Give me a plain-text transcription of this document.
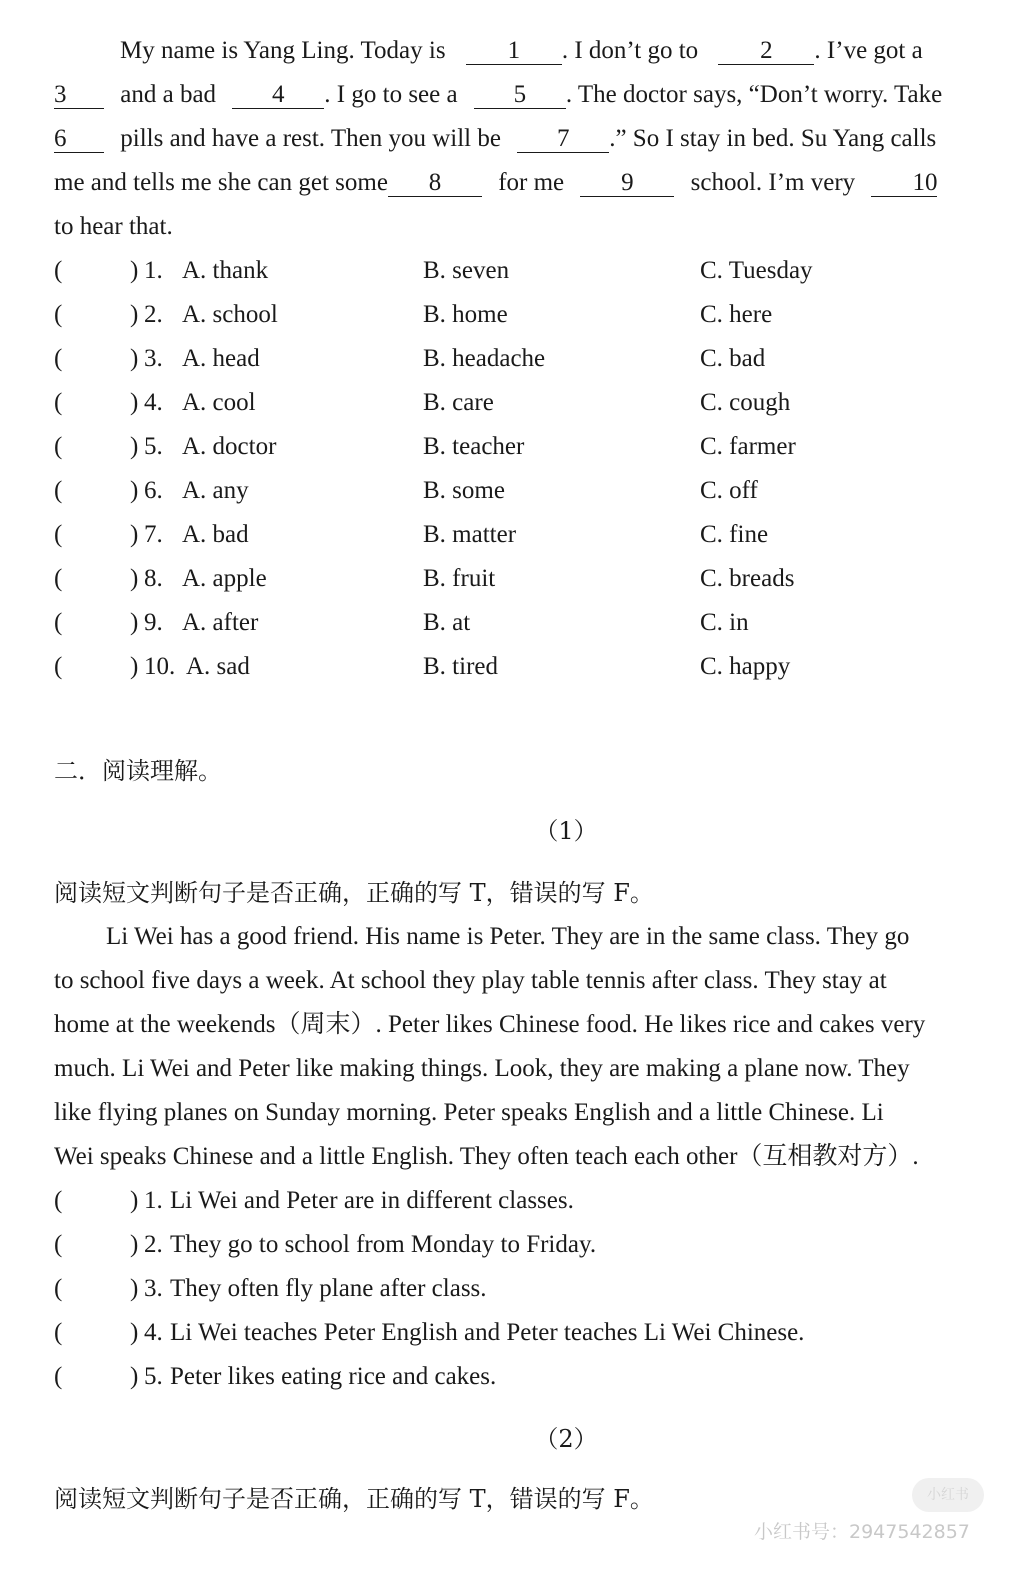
My name is Yang Ling. Today is 1 . I don’t go to 2 . I’ve got a
3 and a bad 4 . I go to see a 5 . The doctor says, “Don’t worry. Take
6 pills and have a rest. Then you will be 7 .” So I stay in bed. Su Yang calls
me and tells me she can get some 8 for me 9 school. I’m very 10
to hear that.
(	) 1. A. thank	B. seven	C. Tuesday
(	) 2. A. school	B. home	C. here
(	) 3. A. head	B. headache	C. bad
(	) 4. A. cool	B. care	C. cough
(	) 5. A. doctor	B. teacher	C. farmer
(	) 6. A. any	B. some	C. off
(	) 7. A. bad	B. matter	C. fine
(	) 8. A. apple	B. fruit	C. breads
(	) 9. A. after	B. at	C. in
(	) 10. A. sad	B. tired	C. happy
二．阅读理解。
（1）
阅读短文判断句子是否正确，正确的写 T，错误的写 F。
Li Wei has a good friend. His name is Peter. They are in the same class. They go
to school five days a week. At school they play table tennis after class. They stay at
home at the weekends（周末）. Peter likes Chinese food. He likes rice and cakes very
much. Li Wei and Peter like making things. Look, they are making a plane now. They
like flying planes on Sunday morning. Peter speaks English and a little Chinese. Li
Wei speaks Chinese and a little English. They often teach each other（互相教对方）.
(	) 1. Li Wei and Peter are in different classes.
(	) 2. They go to school from Monday to Friday.
(	) 3. They often fly plane after class.
(	) 4. Li Wei teaches Peter English and Peter teaches Li Wei Chinese.
(	) 5. Peter likes eating rice and cakes.
（2）
阅读短文判断句子是否正确，正确的写 T，错误的写 F。	小红书
小红书号：2947542857
